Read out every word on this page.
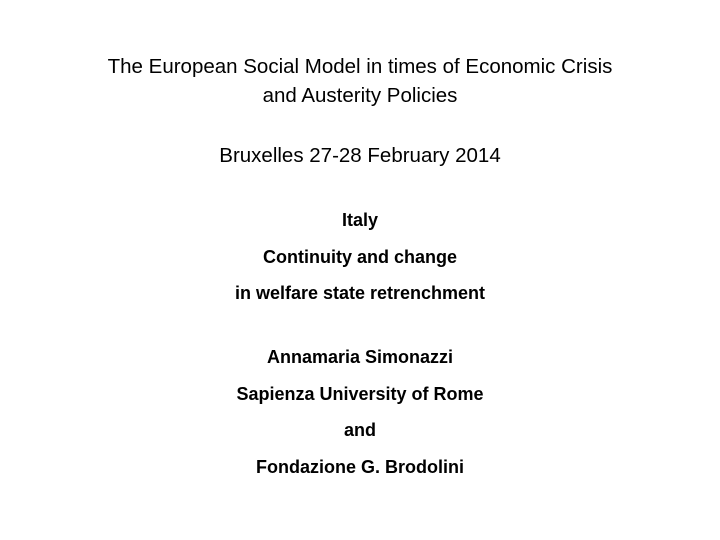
The European Social Model in times of Economic Crisis
and Austerity Policies
Bruxelles 27-28 February 2014
Italy
Continuity and change
in welfare state retrenchment
Annamaria Simonazzi
Sapienza University of Rome
and
Fondazione G. Brodolini
